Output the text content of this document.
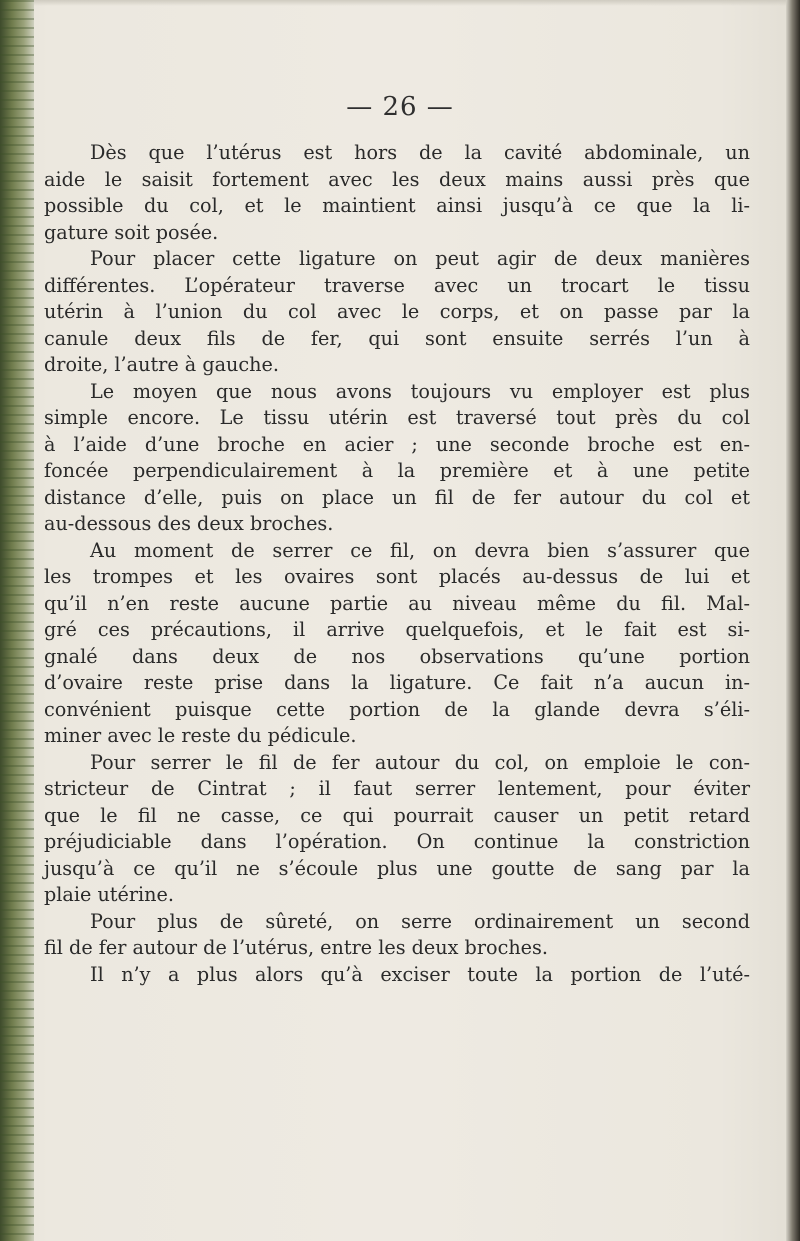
— 26 —
Dès que l’utérus est hors de la cavité abdominale, un
aide le saisit fortement avec les deux mains aussi près que
possible du col, et le maintient ainsi jusqu’à ce que la li-
gature soit posée.
Pour placer cette ligature on peut agir de deux manières
différentes. L’opérateur traverse avec un trocart le tissu
utérin à l’union du col avec le corps, et on passe par la
canule deux fils de fer, qui sont ensuite serrés l’un à
droite, l’autre à gauche.
Le moyen que nous avons toujours vu employer est plus
simple encore. Le tissu utérin est traversé tout près du col
à l’aide d’une broche en acier ; une seconde broche est en-
foncée perpendiculairement à la première et à une petite
distance d’elle, puis on place un fil de fer autour du col et
au-dessous des deux broches.
Au moment de serrer ce fil, on devra bien s’assurer que
les trompes et les ovaires sont placés au-dessus de lui et
qu’il n’en reste aucune partie au niveau même du fil. Mal-
gré ces précautions, il arrive quelquefois, et le fait est si-
gnalé dans deux de nos observations qu’une portion
d’ovaire reste prise dans la ligature. Ce fait n’a aucun in-
convénient puisque cette portion de la glande devra s’éli-
miner avec le reste du pédicule.
Pour serrer le fil de fer autour du col, on emploie le con-
stricteur de Cintrat ; il faut serrer lentement, pour éviter
que le fil ne casse, ce qui pourrait causer un petit retard
préjudiciable dans l’opération. On continue la constriction
jusqu’à ce qu’il ne s’écoule plus une goutte de sang par la
plaie utérine.
Pour plus de sûreté, on serre ordinairement un second
fil de fer autour de l’utérus, entre les deux broches.
Il n’y a plus alors qu’à exciser toute la portion de l’uté-
